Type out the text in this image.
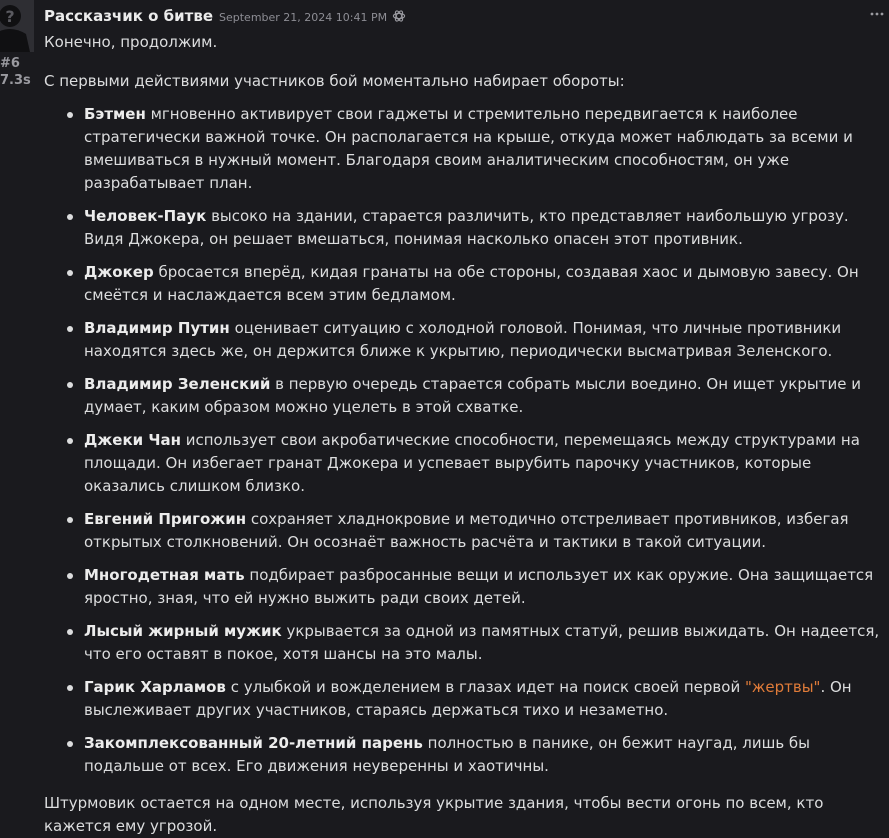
?
#6
7.3s
Рассказчик о битве September 21, 2024 10:41 PM

Конечно, продолжим.

С первыми действиями участников бой моментально набирает обороты:

Бэтмен мгновенно активирует свои гаджеты и стремительно передвигается к наиболее стратегически важной точке. Он располагается на крыше, откуда может наблюдать за всеми и вмешиваться в нужный момент. Благодаря своим аналитическим способностям, он уже разрабатывает план.
Человек-Паук высоко на здании, старается различить, кто представляет наибольшую угрозу. Видя Джокера, он решает вмешаться, понимая насколько опасен этот противник.
Джокер бросается вперёд, кидая гранаты на обе стороны, создавая хаос и дымовую завесу. Он смеётся и наслаждается всем этим бедламом.
Владимир Путин оценивает ситуацию с холодной головой. Понимая, что личные противники находятся здесь же, он держится ближе к укрытию, периодически высматривая Зеленского.
Владимир Зеленский в первую очередь старается собрать мысли воедино. Он ищет укрытие и думает, каким образом можно уцелеть в этой схватке.
Джеки Чан использует свои акробатические способности, перемещаясь между структурами на площади. Он избегает гранат Джокера и успевает вырубить парочку участников, которые оказались слишком близко.
Евгений Пригожин сохраняет хладнокровие и методично отстреливает противников, избегая открытых столкновений. Он осознаёт важность расчёта и тактики в такой ситуации.
Многодетная мать подбирает разбросанные вещи и использует их как оружие. Она защищается яростно, зная, что ей нужно выжить ради своих детей.
Лысый жирный мужик укрывается за одной из памятных статуй, решив выжидать. Он надеется, что его оставят в покое, хотя шансы на это малы.
Гарик Харламов с улыбкой и вожделением в глазах идет на поиск своей первой "жертвы". Он выслеживает других участников, стараясь держаться тихо и незаметно.
Закомплексованный 20-летний парень полностью в панике, он бежит наугад, лишь бы подальше от всех. Его движения неуверенны и хаотичны.

Штурмовик остается на одном месте, используя укрытие здания, чтобы вести огонь по всем, кто кажется ему угрозой.
